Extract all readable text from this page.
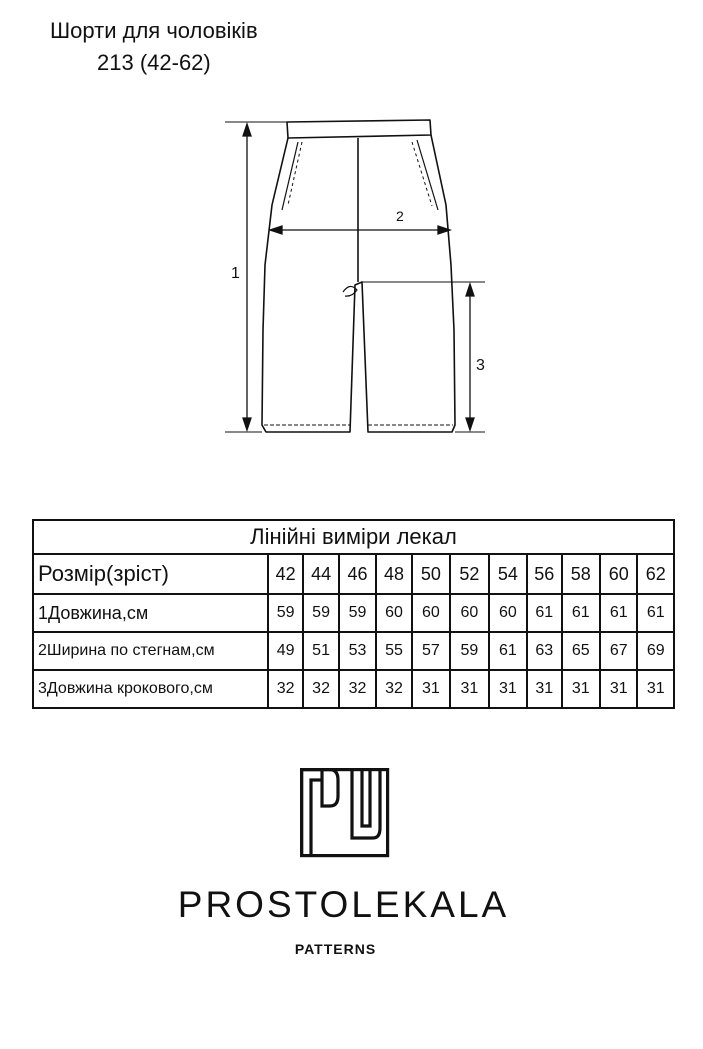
Шорти для чоловіків
213 (42-62)
1
2
3
Лінійні виміри лекал											
Розмір(зріст)	42	44	46	48	50	52	54	56	58	60	62
1Довжина,см	59	59	59	60	60	60	60	61	61	61	61
2Ширина по стегнам,см	49	51	53	55	57	59	61	63	65	67	69
3Довжина крокового,см	32	32	32	32	31	31	31	31	31	31	31
PROSTOLEKALA
PATTERNS
